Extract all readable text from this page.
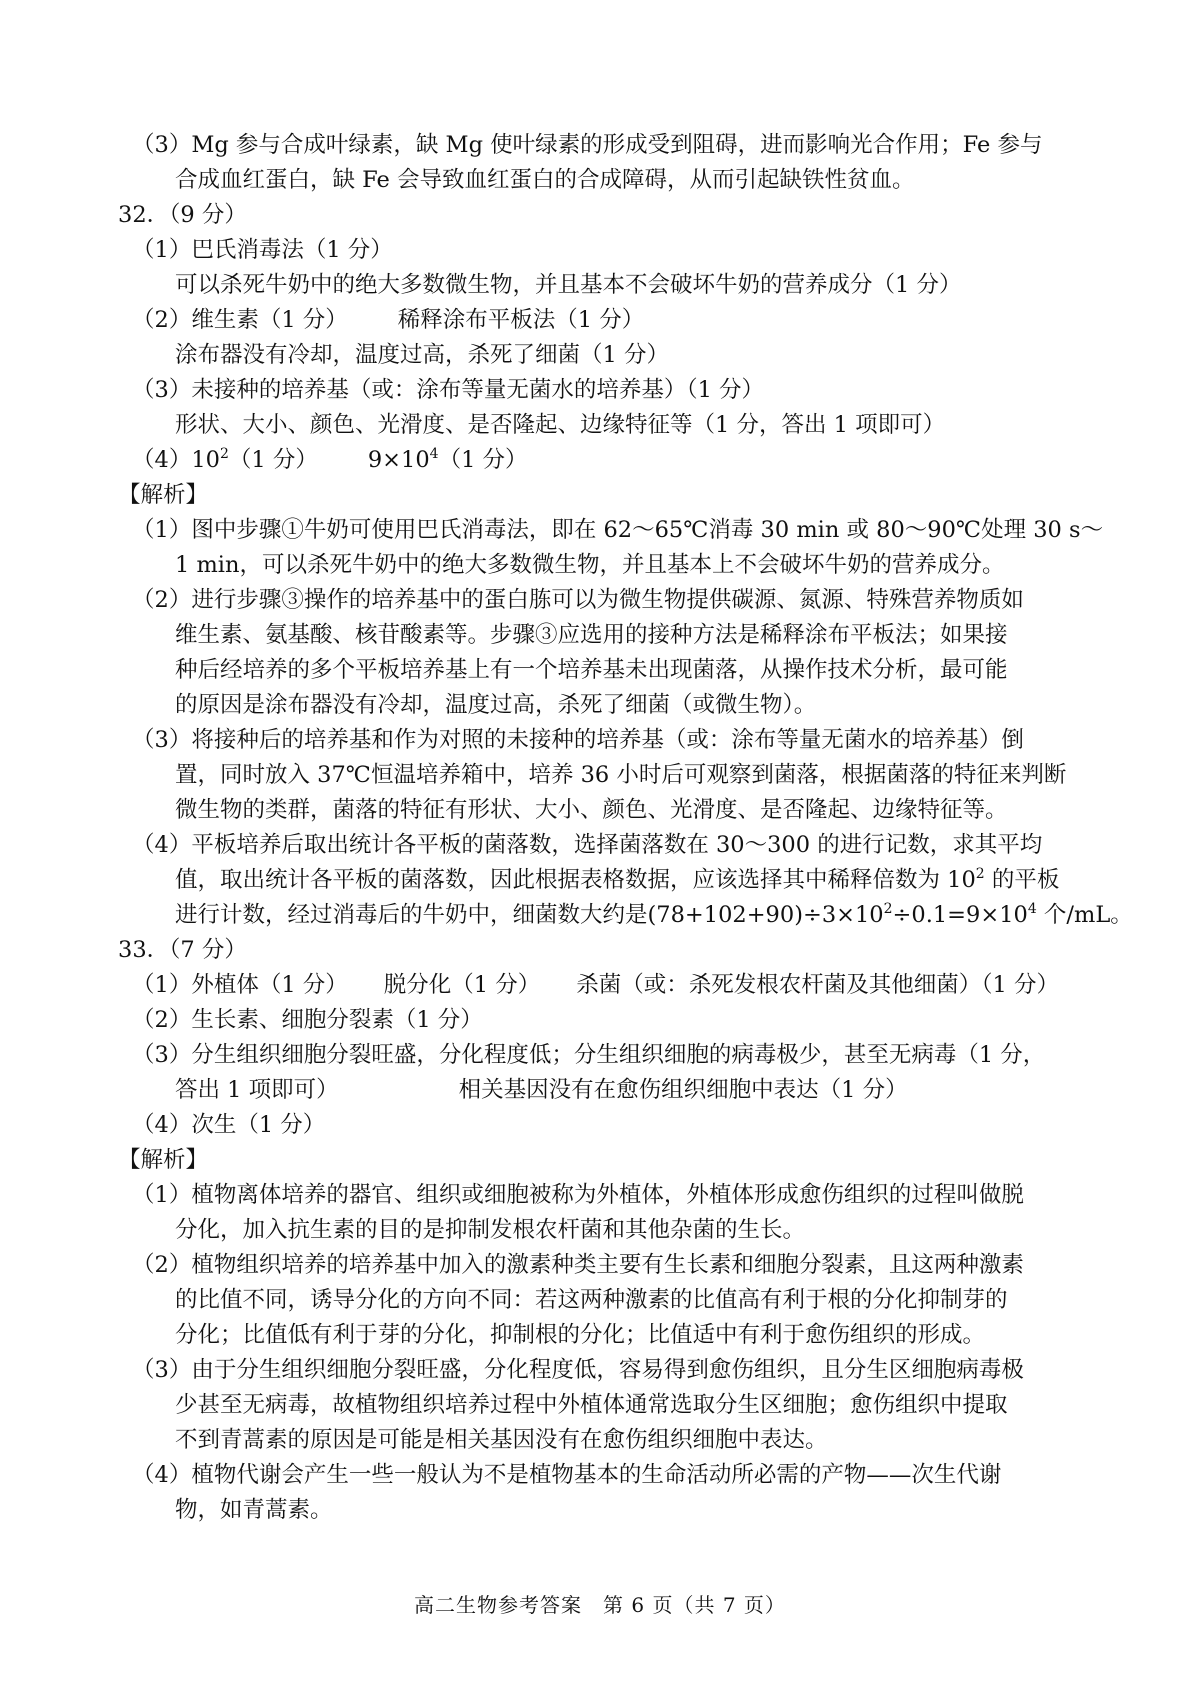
（3）Mg 参与合成叶绿素，缺 Mg 使叶绿素的形成受到阻碍，进而影响光合作用；Fe 参与
合成血红蛋白，缺 Fe 会导致血红蛋白的合成障碍，从而引起缺铁性贫血。
32．（9 分）
（1）巴氏消毒法（1 分）
可以杀死牛奶中的绝大多数微生物，并且基本不会破坏牛奶的营养成分（1 分）
（2）维生素（1 分） 稀释涂布平板法（1 分）
涂布器没有冷却，温度过高，杀死了细菌（1 分）
（3）未接种的培养基（或：涂布等量无菌水的培养基）（1 分）
形状、大小、颜色、光滑度、是否隆起、边缘特征等（1 分，答出 1 项即可）
$(4)10^2(1$ 分） $9\times 10^4(1$ 分）
【解析】
（1）图中步骤①牛奶可使用巴氏消毒法，即在 62～65℃消毒 30 min 或 80～90℃处理 30 s～
1 min，可以杀死牛奶中的绝大多数微生物，并且基本上不会破坏牛奶的营养成分。
（2）进行步骤③操作的培养基中的蛋白胨可以为微生物提供碳源、氮源、特殊营养物质如
维生素、氨基酸、核苷酸素等。步骤③应选用的接种方法是稀释涂布平板法；如果接
种后经培养的多个平板培养基上有一个培养基未出现菌落，从操作技术分析，最可能
的原因是涂布器没有冷却，温度过高，杀死了细菌（或微生物）。
（3）将接种后的培养基和作为对照的未接种的培养基（或：涂布等量无菌水的培养基）倒
置，同时放入 37℃恒温培养箱中，培养 36 小时后可观察到菌落，根据菌落的特征来判断
微生物的类群，菌落的特征有形状、大小、颜色、光滑度、是否隆起、边缘特征等。
（4）平板培养后取出统计各平板的菌落数，选择菌落数在 30～300 的进行记数，求其平均
值，取出统计各平板的菌落数，因此根据表格数据，应该选择其中稀释倍数为 $10^2$ 的平板
进行计数，经过消毒后的牛奶中，细菌数大约是$(78+102+90)\div 3\times 10^2\div 0.1=9\times 10^4$ 个/mL。
33．（7 分）
（1）外植体（1 分） 脱分化（1 分） 杀菌（或：杀死发根农杆菌及其他细菌）（1 分）
（2）生长素、细胞分裂素（1 分）
（3）分生组织细胞分裂旺盛，分化程度低；分生组织细胞的病毒极少，甚至无病毒（1 分，
答出 1 项即可）	相关基因没有在愈伤组织细胞中表达（1 分）
（4）次生（1 分）
【解析】
（1）植物离体培养的器官、组织或细胞被称为外植体，外植体形成愈伤组织的过程叫做脱
分化，加入抗生素的目的是抑制发根农杆菌和其他杂菌的生长。
（2）植物组织培养的培养基中加入的激素种类主要有生长素和细胞分裂素，且这两种激素
的比值不同，诱导分化的方向不同：若这两种激素的比值高有利于根的分化抑制芽的
分化；比值低有利于芽的分化，抑制根的分化；比值适中有利于愈伤组织的形成。
（3）由于分生组织细胞分裂旺盛，分化程度低，容易得到愈伤组织，且分生区细胞病毒极
少甚至无病毒，故植物组织培养过程中外植体通常选取分生区细胞；愈伤组织中提取
不到青蒿素的原因是可能是相关基因没有在愈伤组织细胞中表达。
（4）植物代谢会产生一些一般认为不是植物基本的生命活动所必需的产物——次生代谢
物，如青蒿素。
高二生物参考答案　第 6 页（共 7 页）
